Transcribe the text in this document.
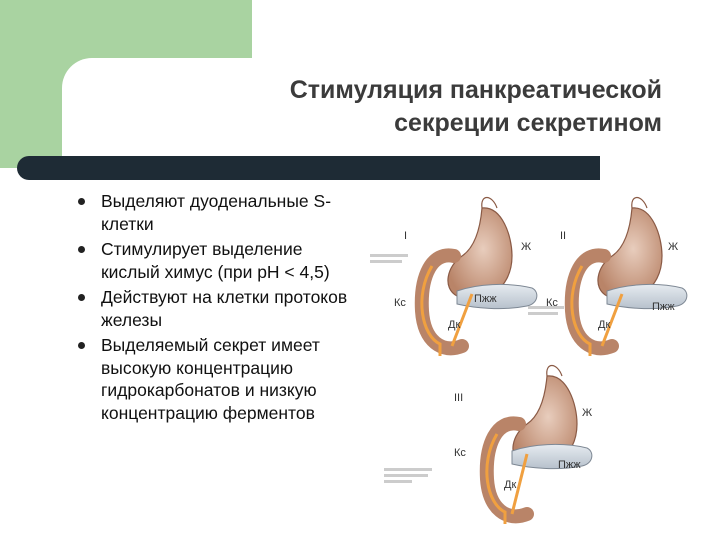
Стимуляция панкреатической
секреции секретином
Выделяют дуоденальные S-клетки
Стимулирует выделение кислый химус (при pH < 4,5)
Действуют на клетки протоков железы
Выделяемый секрет имеет высокую концентрацию гидрокарбонатов и низкую концентрацию ферментов
I
Ж
Кс	Пжж
Дк
II
Ж
Кс	Пжж
Дк
III
Ж
Кс
Пжж
Дк
